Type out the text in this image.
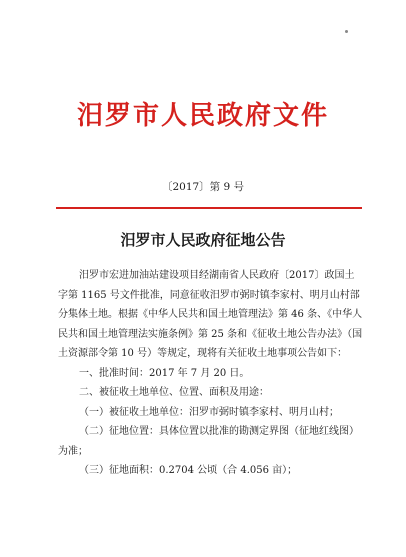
汨罗市人民政府文件
〔2017〕第 9 号
汨罗市人民政府征地公告

汨罗市宏进加油站建设项目经湖南省人民政府〔2017〕政国土字第 1165 号文件批准，同意征收汨罗市弼时镇李家村、明月山村部分集体土地。根据《中华人民共和国土地管理法》第 46 条、《中华人民共和国土地管理法实施条例》第 25 条和《征收土地公告办法》（国土资源部令第 10 号）等规定，现将有关征收土地事项公告如下：

一、批准时间：2017 年 7 月 20 日。

二、被征收土地单位、位置、面积及用途：

（一）被征收土地单位：汨罗市弼时镇李家村、明月山村；

（二）征地位置：具体位置以批准的勘测定界图（征地红线图）为准；

（三）征地面积：0.2704 公顷（合 4.056 亩）；
